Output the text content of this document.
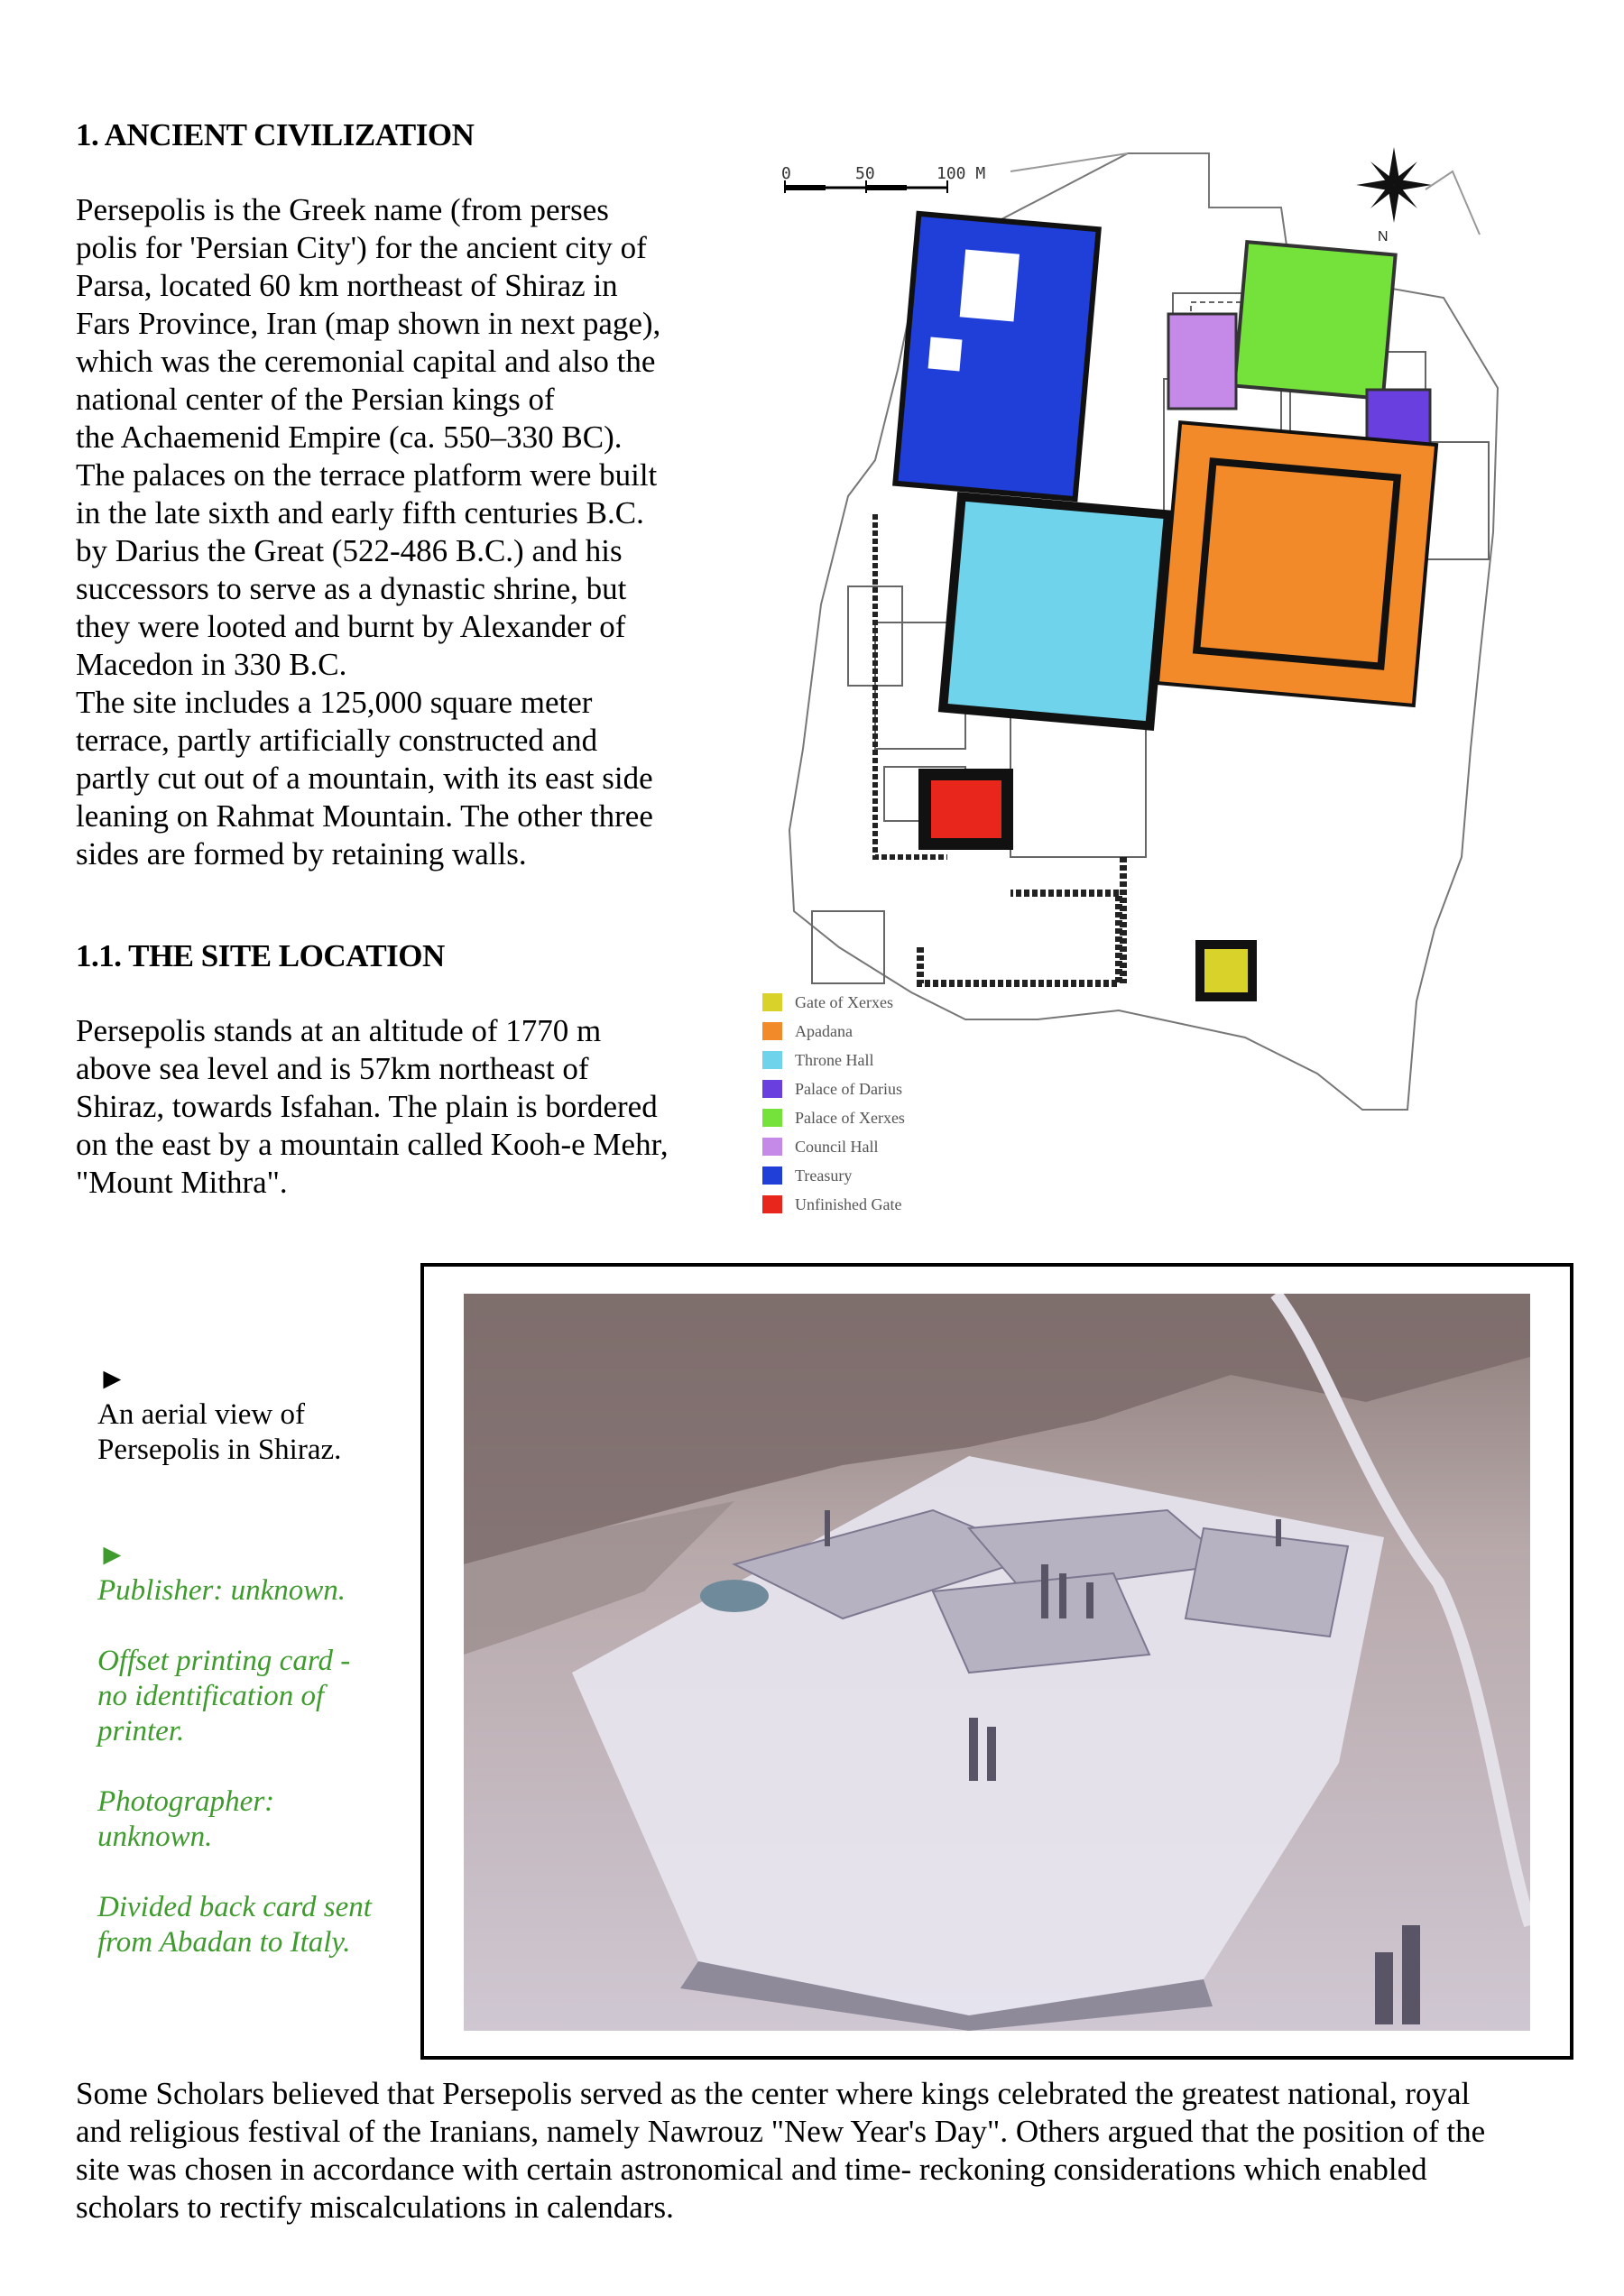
1. ANCIENT CIVILIZATION

Persepolis is the Greek name (from perses

polis for 'Persian City') for the ancient city of

Parsa, located 60 km northeast of Shiraz in

Fars Province, Iran (map shown in next page),

which was the ceremonial capital and also the

national center of the Persian kings of

the Achaemenid Empire (ca. 550–330 BC).

The palaces on the terrace platform were built

in the late sixth and early fifth centuries B.C.

by Darius the Great (522-486 B.C.) and his

successors to serve as a dynastic shrine, but

they were looted and burnt by Alexander of

Macedon in 330 B.C.

The site includes a 125,000 square meter

terrace, partly artificially constructed and

partly cut out of a mountain, with its east side

leaning on Rahmat Mountain. The other three

sides are formed by retaining walls.

1.1. THE SITE LOCATION

Persepolis stands at an altitude of 1770 m

above sea level and is 57km northeast of

Shiraz, towards Isfahan. The plain is bordered

on the east by a mountain called Kooh-e Mehr,

"Mount Mithra".

0	50	100 M
N
Gate of Xerxes
Apadana
Throne Hall
Palace of Darius
Palace of Xerxes
Council Hall
Treasury
Unfinished Gate

►

An aerial view of

Persepolis in Shiraz.

►

Publisher: unknown.

Offset printing card -

no identification of

printer.

Photographer:

unknown.

Divided back card sent

from Abadan to Italy.

Some Scholars believed that Persepolis served as the center where kings celebrated the greatest national, royal

and religious festival of the Iranians, namely Nawrouz "New Year's Day". Others argued that the position of the

site was chosen in accordance with certain astronomical and time- reckoning considerations which enabled

scholars to rectify miscalculations in calendars.
